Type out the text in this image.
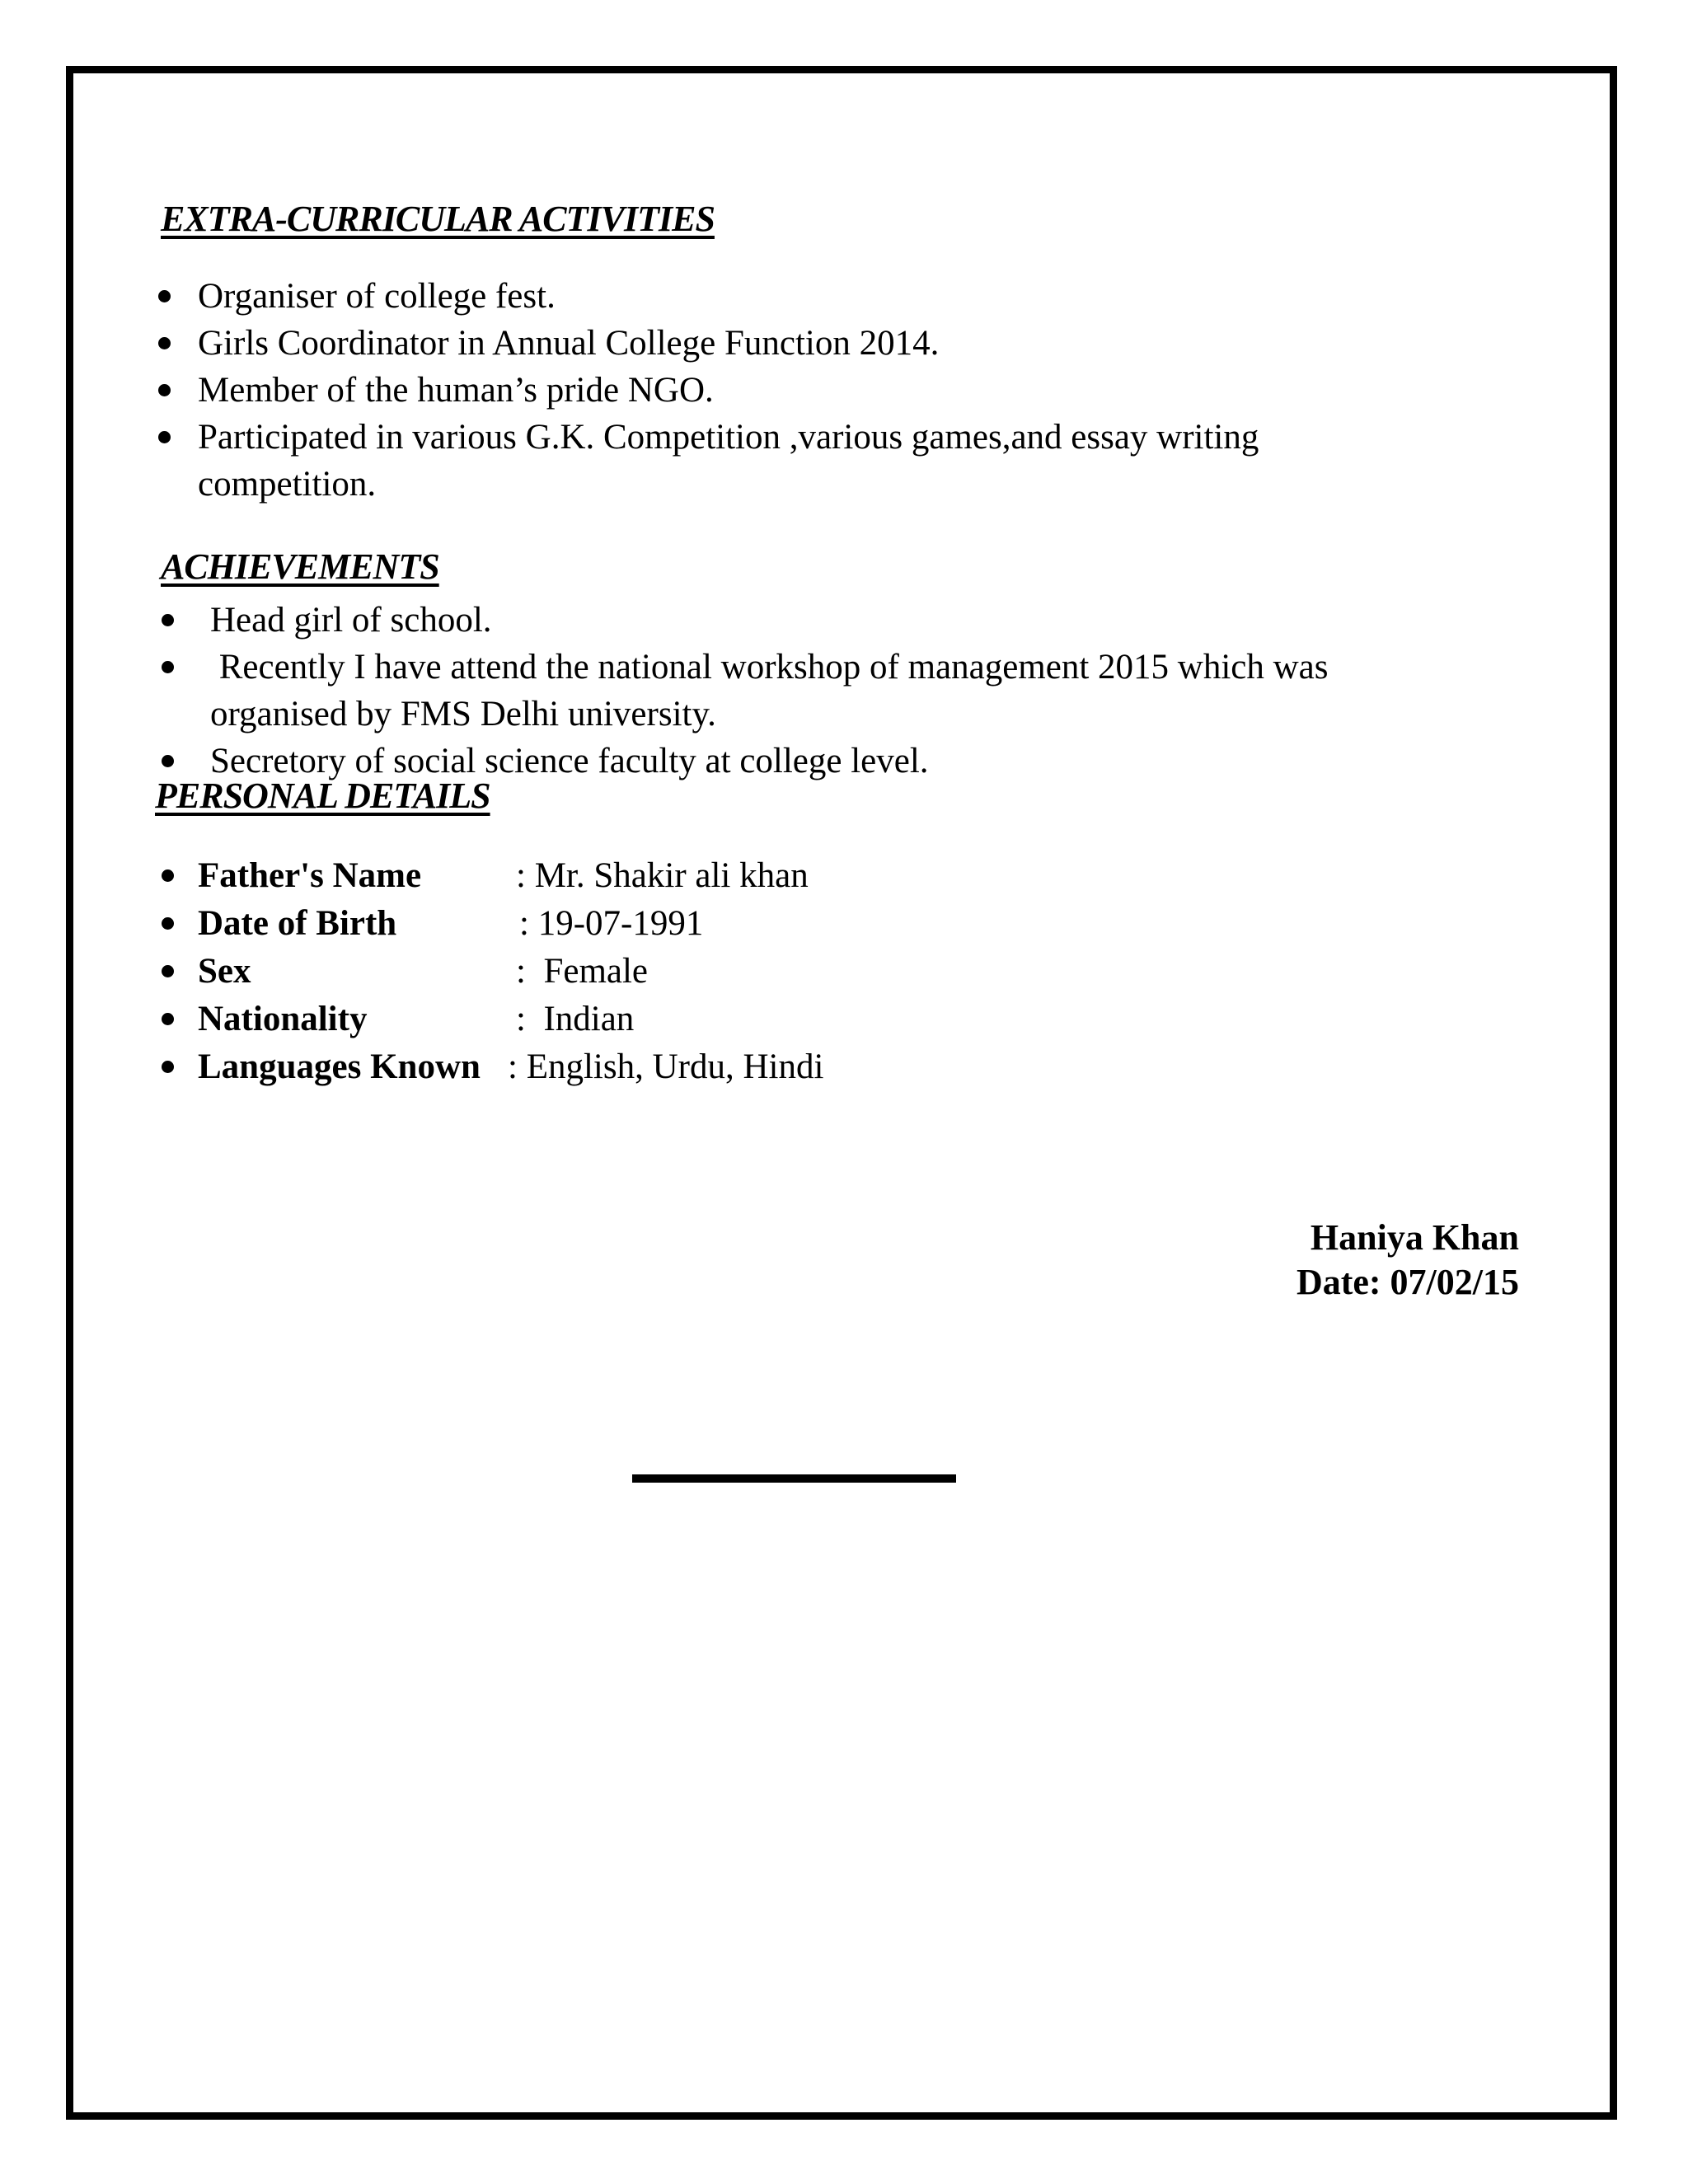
EXTRA-CURRICULAR ACTIVITIES
Organiser of college fest.
Girls Coordinator in Annual College Function 2014.
Member of the human’s pride NGO.
Participated in various G.K. Competition ,various games,and essay writing competition.
ACHIEVEMENTS
Head girl of school.
Recently I have attend the national workshop of management 2015 which was organised by FMS Delhi university.
Secretory of social science faculty at college level.
PERSONAL DETAILS
Father's Name	: Mr. Shakir ali khan
Date of Birth	: 19-07-1991
Sex	:  Female
Nationality	:  Indian
Languages Known : English, Urdu, Hindi
Haniya Khan
Date: 07/02/15
